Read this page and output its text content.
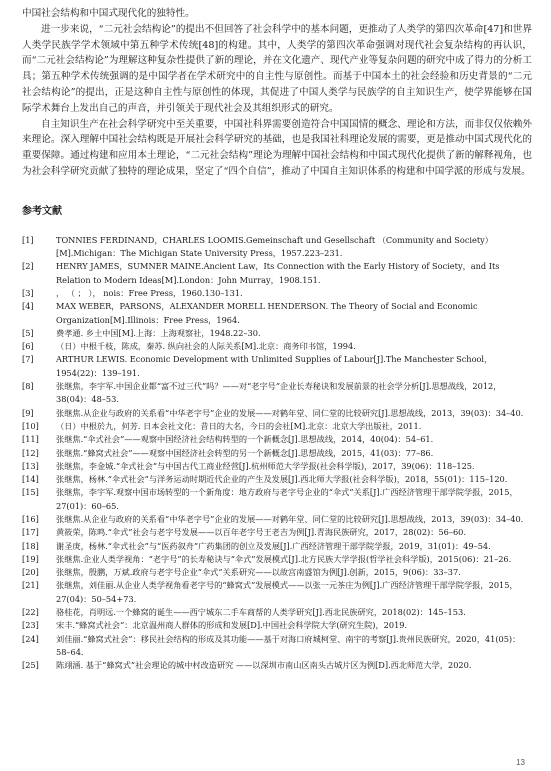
中国社会结构和中国式现代化的独特性。

进一步来说，“二元社会结构论”的提出不但回答了社会科学中的基本问题，更推动了人类学的第四次革命[47]和世界人类学民族学学术领域中第五种学术传统[48]的构建。其中，人类学的第四次革命强调对现代社会复杂结构的再认识，而“二元社会结构论”为理解这种复杂性提供了新的理论，并在文化遗产、现代产业等复杂问题的研究中成了得力的分析工具；第五种学术传统强调的是中国学者在学术研究中的自主性与原创性。而基于中国本土的社会经验和历史背景的“二元社会结构论”的提出，正是这种自主性与原创性的体现，其促进了中国人类学与民族学的自主知识生产，使学界能够在国际学术舞台上发出自己的声音，并引领关于现代社会及其组织形式的研究。

自主知识生产在社会科学研究中至关重要，中国社科界需要创造符合中国国情的概念、理论和方法，而非仅仅依赖外来理论。深入理解中国社会结构既是开展社会科学研究的基础，也是我国社科理论发展的需要，更是推动中国式现代化的重要保障。通过构建和应用本土理论，“二元社会结构”理论为理解中国社会结构和中国式现代化提供了新的解释视角，也为社会科学研究贡献了独特的理论成果，坚定了“四个自信”，推动了中国自主知识体系的构建和中国学派的形成与发展。

参考文献
[1]	TONNIES FERDINAND，CHARLES LOOMIS.Gemeinschaft und Gesellschaft （Community and Society）[M].Michigan：The Michigan State University Press，1957.223–231.
[2]	HENRY JAMES，SUMNER MAINE.Ancient Law，Its Connection with the Early History of Society，and Its Relation to Modern Ideas[M].London：John Murray，1908.151.
[3]	， （ ； ）， nois：Free Press，1960.130–131.
[4]	MAX WEBER，PARSONS，ALEXANDER MORELL HENDERSON. The Theory of Social and Economic Organization[M].Illinois：Free Press，1964.
[5]	费孝通. 乡土中国[M].上海：上海观察社，1948.22–30.
[6]	（日）中根千枝，陈成，秦苏. 纵向社会的人际关系[M].北京：商务印书馆，1994.
[7]	ARTHUR LEWIS. Economic Development with Unlimited Supplies of Labour[J].The Manchester School，1954(22)：139–191.
[8]	张继焦，李宇军.中国企业都“富不过三代”吗？——对“老字号”企业长寿秘诀和发展前景的社会学分析[J].思想战线，2012，38(04)：48–53.
[9]	张继焦.从企业与政府的关系看“中华老字号”企业的发展——对鹤年堂、同仁堂的比较研究[J].思想战线，2013，39(03)：34–40.
[10]	（日）中根於九，何芳. 日本会社文化：昔日的大名，今日的会社[M].北京：北京大学出版社，2011.
[11]	张继焦.“伞式社会”——观察中国经济社会结构转型的一个新概念[J].思想战线，2014，40(04)：54–61.
[12]	张继焦.“蜂窝式社会”——观察中国经济社会转型的另一个新概念[J].思想战线，2015，41(03)：77–86.
[13]	张继焦，李金城.“伞式社会”与中国古代工商业经营[J].杭州师范大学学报(社会科学版)，2017，39(06)：118–125.
[14]	张继焦，杨林.“伞式社会”与洋务运动时期近代企业的产生及发展[J].西北师大学报(社会科学版)，2018，55(01)：115–120.
[15]	张继焦，李宇军.观察中国市场转型的一个新角度：地方政府与老字号企业的“伞式”关系[J].广西经济管理干部学院学报，2015，27(01)：60–65.
[16]	张继焦.从企业与政府的关系看“中华老字号”企业的发展——对鹤年堂、同仁堂的比较研究[J].思想战线，2013，39(03)：34–40.
[17]	黄筱荣，陈鸣.“伞式”社会与老字号发展——以百年老字号王老吉为例[J].青海民族研究，2017，28(02)：56–60.
[18]	谢圣庚，杨林.“伞式社会”与“医药叙舟”广药集团的创立及发展[J].广西经济管理干部学院学报，2019，31(01)：49–54.
[19]	张继焦.企业人类学视角：“老字号”的长寿秘诀与“伞式”发展模式[J].北方民族大学学报(哲学社会科学版)，2015(06)：21–26.
[20]	张继焦，殷鹏，万斌.政府与老字号企业“伞式”关系研究——以故宫南盛馆为例[J].创新，2015，9(06)：33–37.
[21]	张继焦，刘佳丽.从企业人类学视角看老字号的“蜂窝式”发展模式——以张一元茶庄为例[J].广西经济管理干部学院学报，2015，27(04)：50–54+73.
[22]	骆桂花，肖明远.一个蜂窝的诞生——西宁城东二手车商帮的人类学研究[J].西北民族研究，2018(02)：145–153.
[23]	宋丰.“蜂窝式社会”：北京温州商人群体的形成和发展[D].中国社会科学院大学(研究生院)，2019.
[24]	刘佳丽.“蜂窝式社会”：移民社会结构的形成及其功能——基于对海口府城柯堂、南宇的考察[J].贵州民族研究，2020，41(05)：58–64.
[25]	陈翊涵. 基于“蜂窝式”社会理论的城中村改造研究 ——以深圳市南山区南头古城片区为例[D].西北师范大学，2020.
13
